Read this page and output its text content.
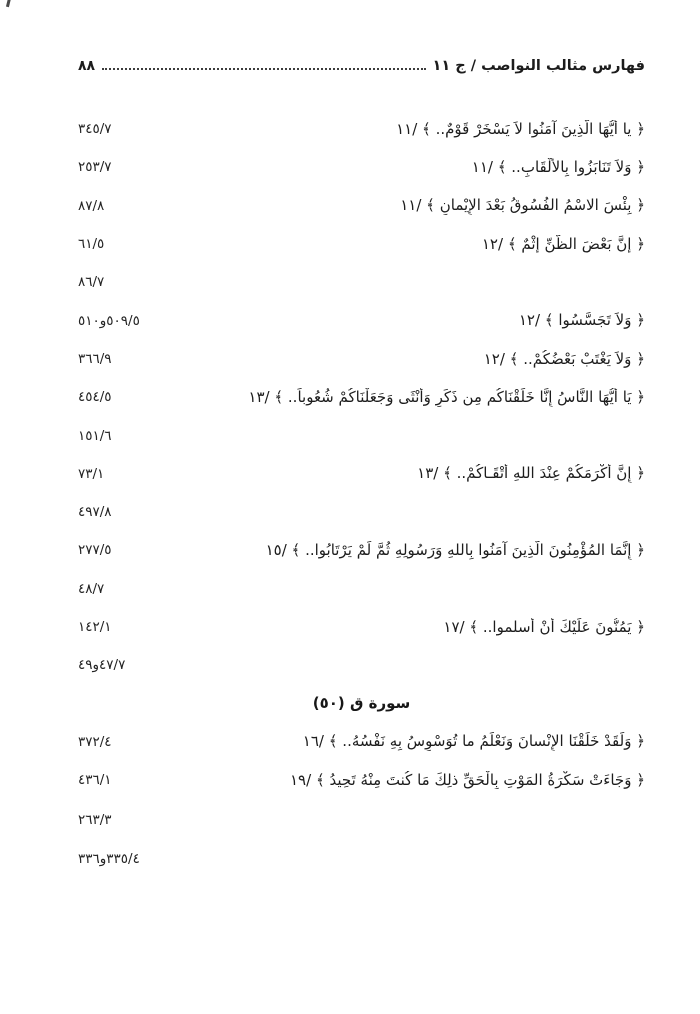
فهارس مثالب النواصب / ج ١١
٨٨
﴿ يا أَيُّهَا الَّذِينَ آمَنُوا لاَ يَسْخَرْ قَوْمٌ.. ﴾ /١١
٣٤٥/٧
﴿ وَلاَ تَنَابَزُوا بِالأَلْقَابِ.. ﴾ /١١
٢٥٣/٧
﴿ بِئْسَ الاسْمُ الفُسُوقُ بَعْدَ الإِيْمانِ ﴾ /١١
٨٧/٨
﴿ إِنَّ بَعْضَ الظَّنِّ إِثْمٌ ﴾ /١٢
٦١/٥
٨٦/٧
﴿ وَلاَ تَجَسَّسُوا ﴾ /١٢
٥٠٩/٥و٥١٠
﴿ وَلاَ يَغْتَبْ بَعْضُكُمْ.. ﴾ /١٢
٣٦٦/٩
﴿ يَا أَيُّهَا النَّاسُ إِنَّا خَلَقْنَاكُم مِن ذَكَرٍ وَأُنْثَى وَجَعَلْنَاكُمْ شُعُوباً.. ﴾ /١٣
٤٥٤/٥
١٥١/٦
﴿ إِنَّ أَكْرَمَكُمْ عِنْدَ اللهِ أَتْقَـاكُمْ.. ﴾ /١٣
٧٣/١
٤٩٧/٨
﴿ إِنَّمَا المُؤْمِنُونَ الَّذِينَ آمَنُوا بِاللهِ وَرَسُولِهِ ثُمَّ لَمْ يَرْتَابُوا.. ﴾ /١٥
٢٧٧/٥
٤٨/٧
﴿ يَمُنُّونَ عَلَيْكَ أَنْ أسلموا.. ﴾ /١٧
١٤٢/١
٤٧/٧و٤٩
سورة ق (٥٠)
﴿ وَلَقَدْ خَلَقْنَا الإِنْسانَ وَنَعْلَمُ ما تُوَسْوِسُ بِهِ نَفْسُهُ.. ﴾ /١٦
٣٧٢/٤
﴿ وَجَاءَتْ سَكْرَةُ المَوْتِ بِالْحَقِّ ذلِكَ مَا كُنتَ مِنْهُ تَحِيدُ ﴾ /١٩
٤٣٦/١
٢٦٣/٣
٣٣٥/٤و٣٣٦
